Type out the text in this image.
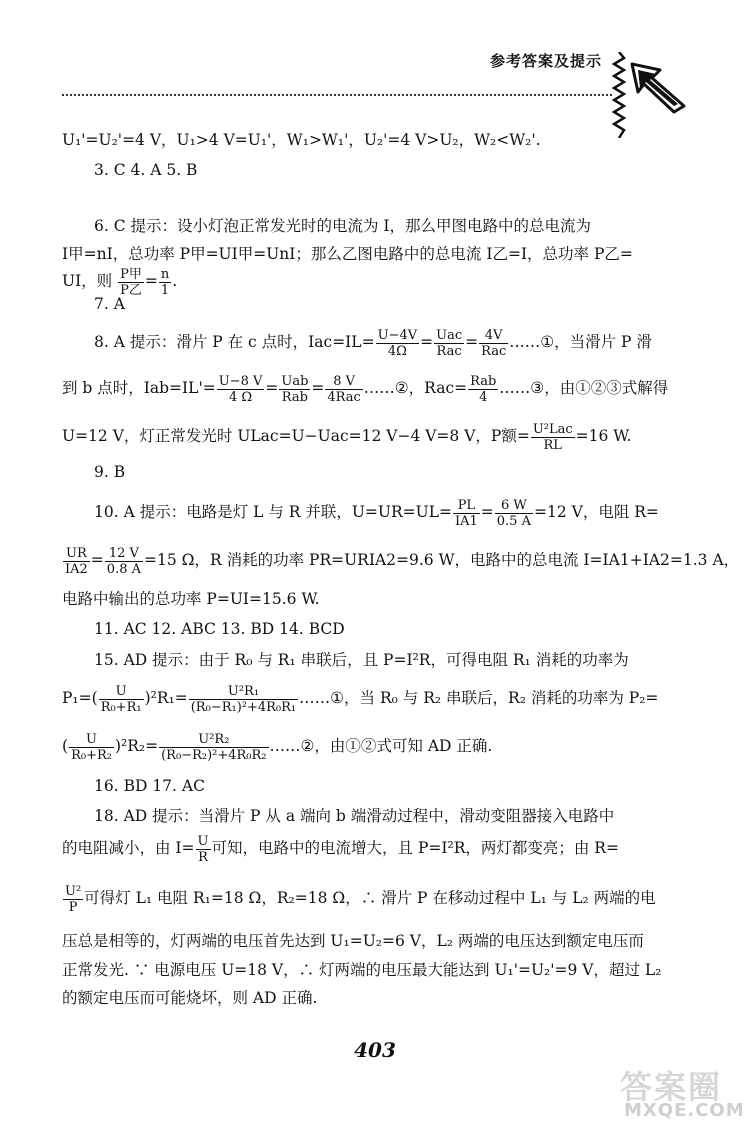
参考答案及提示
U₁'=U₂'=4 V，U₁>4 V=U₁'，W₁>W₁'，U₂'=4 V>U₂，W₂<W₂'.
3. C 4. A 5. B
6. C 提示：设小灯泡正常发光时的电流为 I，那么甲图电路中的总电流为
I甲=nI，总功率 P甲=UI甲=UnI；那么乙图电路中的总电流 I乙=I，总功率 P乙=
UI，则 $\frac{\text{P甲}}{\text{P乙}} = \frac{n}{1}$ .
7. A
8. A 提示：滑片 P 在 c 点时，$Iac=IL= \frac{U-4V}{4\Omega} = \frac{\text{Uac}}{\text{Rac}} = \frac{4V}{\text{Rac}}$ ……①，当滑片 P 滑
到 b 点时，$Iab=IL'= \frac{U-8 V}{4 \Omega} = \frac{\text{Uab}}{\text{Rab}} = \frac{8 V}{\text{4Rac}}$ ……②，$Rac= \frac{\text{Rab}}{4}$ ……③，由①②③式解得
U=12 V，灯正常发光时 ULac=U−Uac=12 V−4 V=8 V，P额= $\frac{\text{U²Lac}}{RL} =16$ W.
9. B
10. A 提示：电路是灯 L 与 R 并联，$U=UR=UL= \frac{PL}{IA1} = \frac{6 W}{0.5 A} =12$ V，电阻 R=
$\frac{UR}{IA2} = \frac{12 V}{0.8 A} =15$ Ω，R 消耗的功率 PR=URIA2=9.6 W，电路中的总电流 I=IA1+IA2=1.3 A，
电路中输出的总功率 P=UI=15.6 W.
11. AC 12. ABC 13. BD 14. BCD
15. AD 提示：由于 R₀ 与 R₁ 串联后，且 P=I²R，可得电阻 R₁ 消耗的功率为
$P_1=( \frac{U}{\text{R₀+R₁}} )^2R_1= \frac{\text{U²R₁}}{\text{(R₀−R₁)²+4R₀R₁}}$ ……①，当 R₀ 与 R₂ 串联后，R₂ 消耗的功率为 P₂=
( $\frac{U}{\text{R₀+R₂}} )^2R_2= \frac{\text{U²R₂}}{\text{(R₀−R₂)²+4R₀R₂}}$ ……②，由①②式可知 AD 正确.
16. BD 17. AC
18. AD 提示：当滑片 P 从 a 端向 b 端滑动过程中，滑动变阻器接入电路中
的电阻减小，由 $I= \frac{U}{R}$ 可知，电路中的电流增大，且 P=I²R，两灯都变亮；由 R=
$\frac{\text{U²}}{P}$ 可得灯 L₁ 电阻 R₁=18 Ω，R₂=18 Ω，∴ 滑片 P 在移动过程中 L₁ 与 L₂ 两端的电
压总是相等的，灯两端的电压首先达到 U₁=U₂=6 V，L₂ 两端的电压达到额定电压而
正常发光. ∵ 电源电压 U=18 V，∴ 灯两端的电压最大能达到 U₁'=U₂'=9 V，超过 L₂
的额定电压而可能烧坏，则 AD 正确.
403
答案圈
MXQE.COM
